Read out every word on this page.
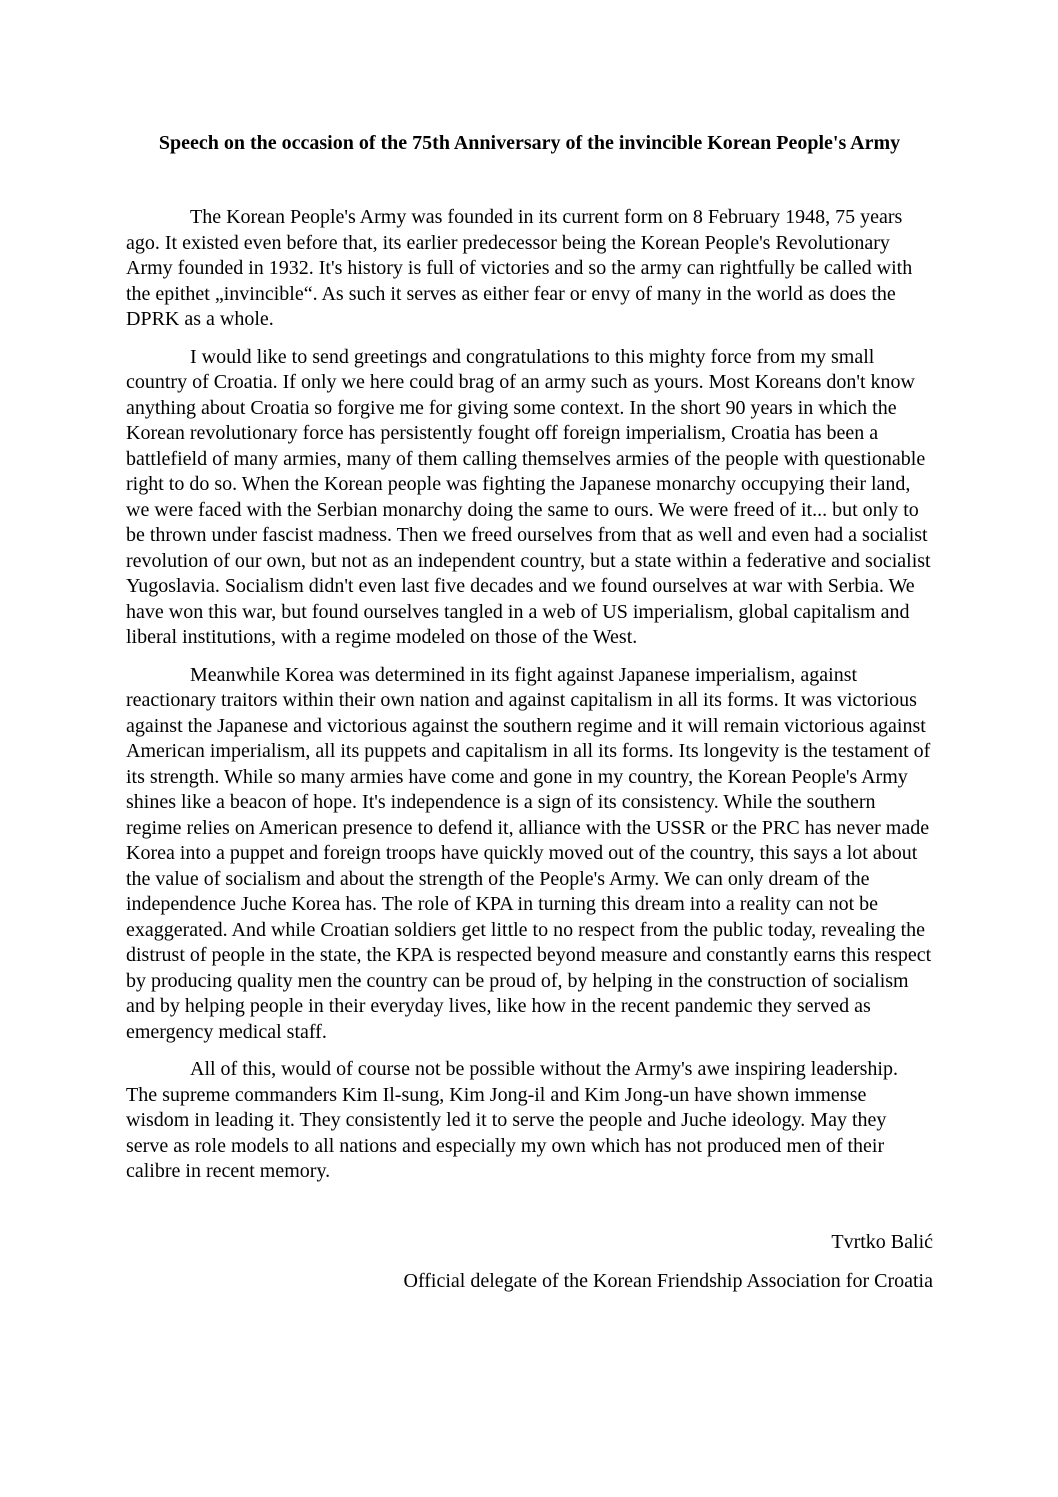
Speech on the occasion of the 75th Anniversary of the invincible Korean People's Army

The Korean People's Army was founded in its current form on 8 February 1948, 75 years ago. It existed even before that, its earlier predecessor being the Korean People's Revolutionary Army founded in 1932. It's history is full of victories and so the army can rightfully be called with the epithet „invincible“. As such it serves as either fear or envy of many in the world as does the DPRK as a whole.

I would like to send greetings and congratulations to this mighty force from my small country of Croatia. If only we here could brag of an army such as yours. Most Koreans don't know anything about Croatia so forgive me for giving some context. In the short 90 years in which the Korean revolutionary force has persistently fought off foreign imperialism, Croatia has been a battlefield of many armies, many of them calling themselves armies of the people with questionable right to do so. When the Korean people was fighting the Japanese monarchy occupying their land, we were faced with the Serbian monarchy doing the same to ours. We were freed of it... but only to be thrown under fascist madness. Then we freed ourselves from that as well and even had a socialist revolution of our own, but not as an independent country, but a state within a federative and socialist Yugoslavia. Socialism didn't even last five decades and we found ourselves at war with Serbia. We have won this war, but found ourselves tangled in a web of US imperialism, global capitalism and liberal institutions, with a regime modeled on those of the West.

Meanwhile Korea was determined in its fight against Japanese imperialism, against reactionary traitors within their own nation and against capitalism in all its forms. It was victorious against the Japanese and victorious against the southern regime and it will remain victorious against American imperialism, all its puppets and capitalism in all its forms. Its longevity is the testament of its strength. While so many armies have come and gone in my country, the Korean People's Army shines like a beacon of hope. It's independence is a sign of its consistency. While the southern regime relies on American presence to defend it, alliance with the USSR or the PRC has never made Korea into a puppet and foreign troops have quickly moved out of the country, this says a lot about the value of socialism and about the strength of the People's Army. We can only dream of the independence Juche Korea has. The role of KPA in turning this dream into a reality can not be exaggerated. And while Croatian soldiers get little to no respect from the public today, revealing the distrust of people in the state, the KPA is respected beyond measure and constantly earns this respect by producing quality men the country can be proud of, by helping in the construction of socialism and by helping people in their everyday lives, like how in the recent pandemic they served as emergency medical staff.

All of this, would of course not be possible without the Army's awe inspiring leadership. The supreme commanders Kim Il-sung, Kim Jong-il and Kim Jong-un have shown immense wisdom in leading it. They consistently led it to serve the people and Juche ideology. May they serve as role models to all nations and especially my own which has not produced men of their calibre in recent memory.

Tvrtko Balić

Official delegate of the Korean Friendship Association for Croatia
